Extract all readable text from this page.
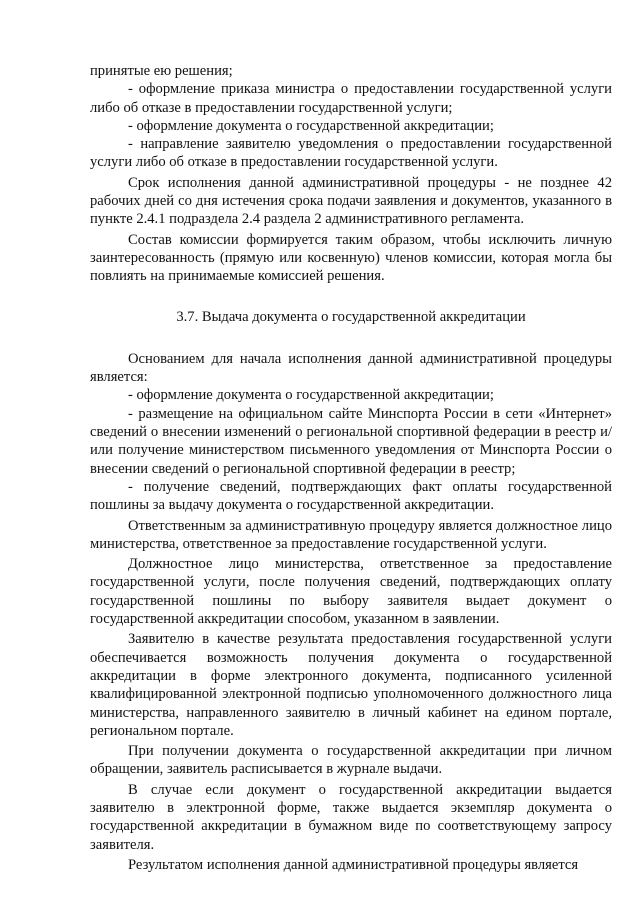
принятые ею решения;

- оформление приказа министра о предоставлении государственной услуги либо об отказе в предоставлении государственной услуги;

- оформление документа о государственной аккредитации;

- направление заявителю уведомления о предоставлении государственной услуги либо об отказе в предоставлении государственной услуги.

Срок исполнения данной административной процедуры - не позднее 42 рабочих дней со дня истечения срока подачи заявления и документов, указанного в пункте 2.4.1 подраздела 2.4 раздела 2 административного регламента.

Состав комиссии формируется таким образом, чтобы исключить личную заинтересованность (прямую или косвенную) членов комиссии, которая могла бы повлиять на принимаемые комиссией решения.

3.7. Выдача документа о государственной аккредитации

Основанием для начала исполнения данной административной процедуры является:

- оформление документа о государственной аккредитации;

- размещение на официальном сайте Минспорта России в сети «Интернет» сведений о внесении изменений о региональной спортивной федерации в реестр и/или получение министерством письменного уведомления от Минспорта России о внесении сведений о региональной спортивной федерации в реестр;

- получение сведений, подтверждающих факт оплаты государственной пошлины за выдачу документа о государственной аккредитации.

Ответственным за административную процедуру является должностное лицо министерства, ответственное за предоставление государственной услуги.

Должностное лицо министерства, ответственное за предоставление государственной услуги, после получения сведений, подтверждающих оплату государственной пошлины по выбору заявителя выдает документ о государственной аккредитации способом, указанном в заявлении.

Заявителю в качестве результата предоставления государственной услуги обеспечивается возможность получения документа о государственной аккредитации в форме электронного документа, подписанного усиленной квалифицированной электронной подписью уполномоченного должностного лица министерства, направленного заявителю в личный кабинет на едином портале, региональном портале.

При получении документа о государственной аккредитации при личном обращении, заявитель расписывается в журнале выдачи.

В случае если документ о государственной аккредитации выдается заявителю в электронной форме, также выдается экземпляр документа о государственной аккредитации в бумажном виде по соответствующему запросу заявителя.

Результатом исполнения данной административной процедуры является
